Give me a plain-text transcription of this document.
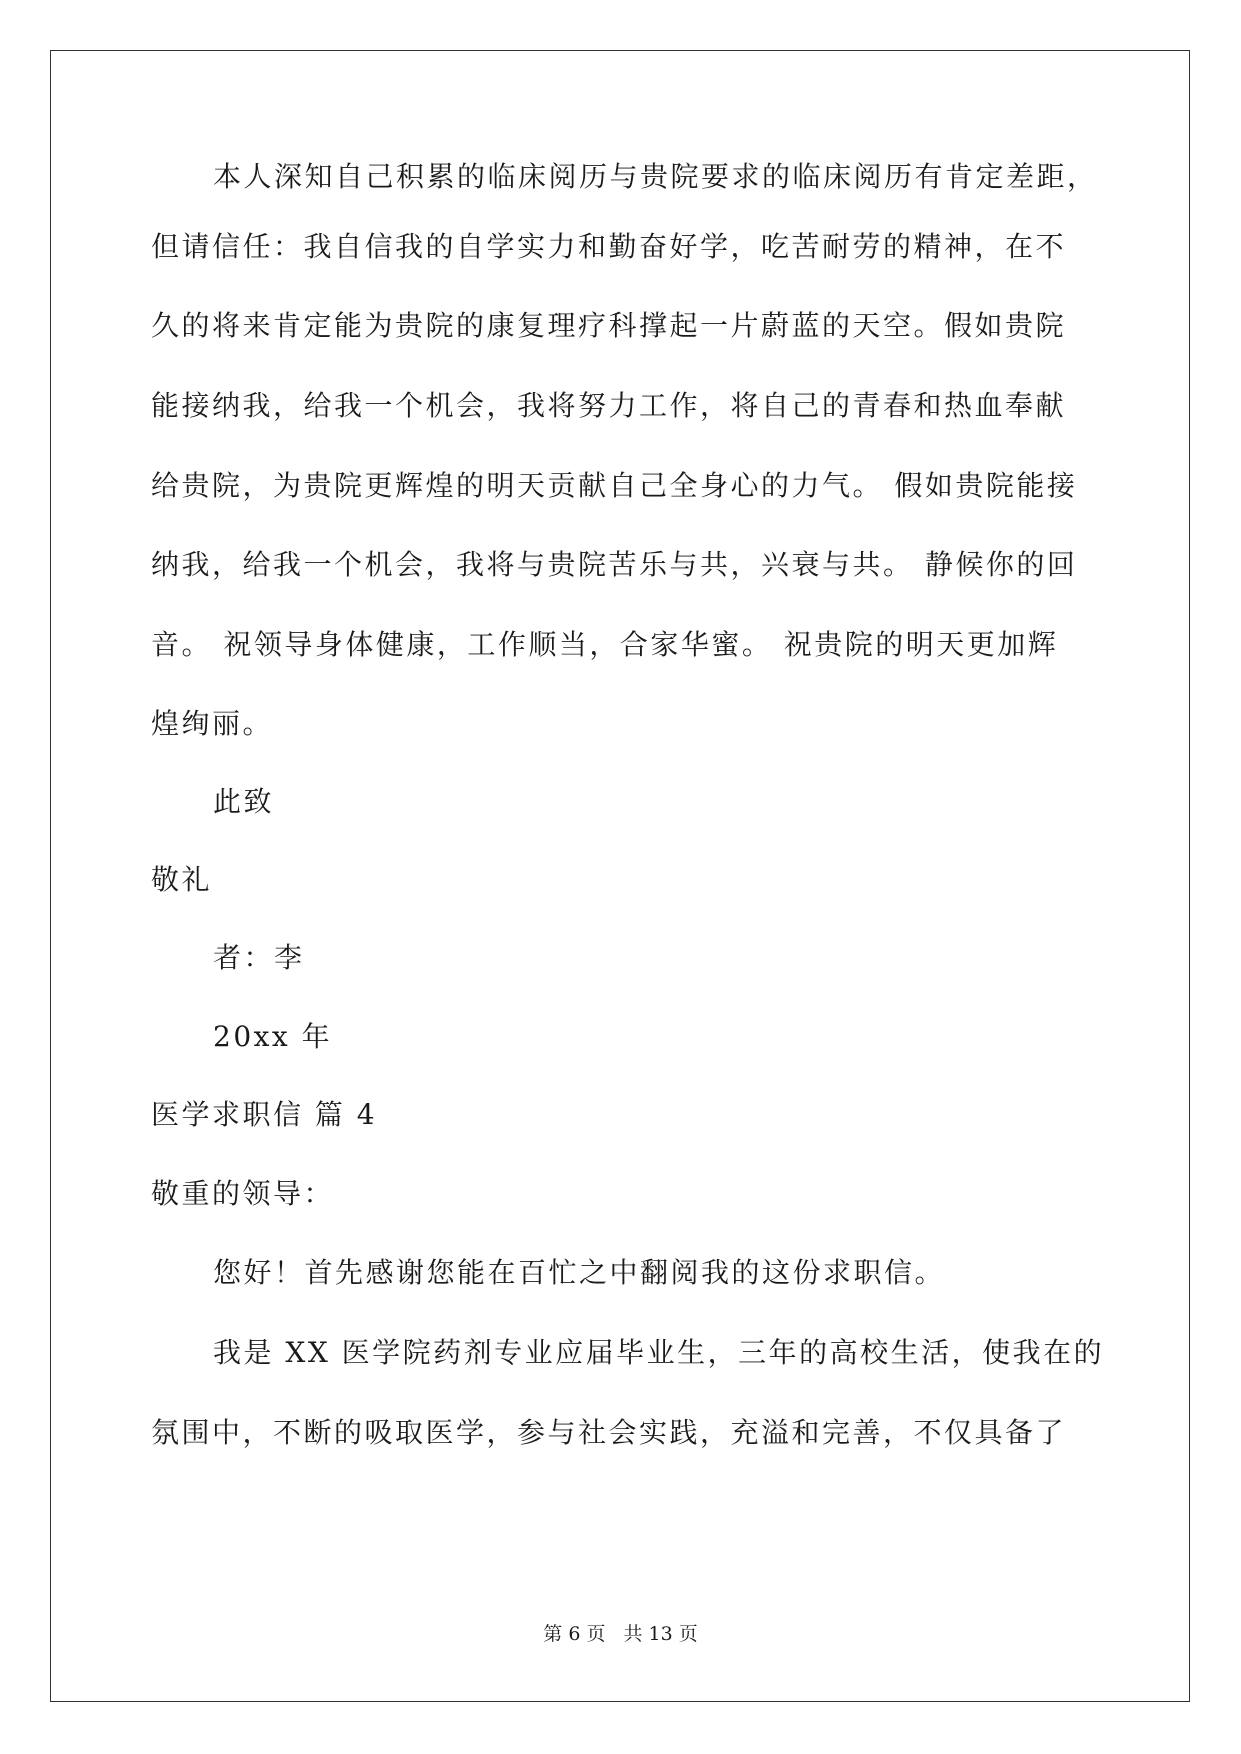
本人深知自己积累的临床阅历与贵院要求的临床阅历有肯定差距，
但请信任：我自信我的自学实力和勤奋好学，吃苦耐劳的精神，在不
久的将来肯定能为贵院的康复理疗科撑起一片蔚蓝的天空。假如贵院
能接纳我，给我一个机会，我将努力工作，将自己的青春和热血奉献
给贵院，为贵院更辉煌的明天贡献自己全身心的力气。 假如贵院能接
纳我，给我一个机会，我将与贵院苦乐与共，兴衰与共。 静候你的回
音。 祝领导身体健康，工作顺当，合家华蜜。 祝贵院的明天更加辉
煌绚丽。
此致
敬礼
者：李
20xx 年
医学求职信 篇 4
敬重的领导：
您好！首先感谢您能在百忙之中翻阅我的这份求职信。
我是 XX 医学院药剂专业应届毕业生，三年的高校生活，使我在的
氛围中，不断的吸取医学，参与社会实践，充溢和完善，不仅具备了
第 6 页 共 13 页
